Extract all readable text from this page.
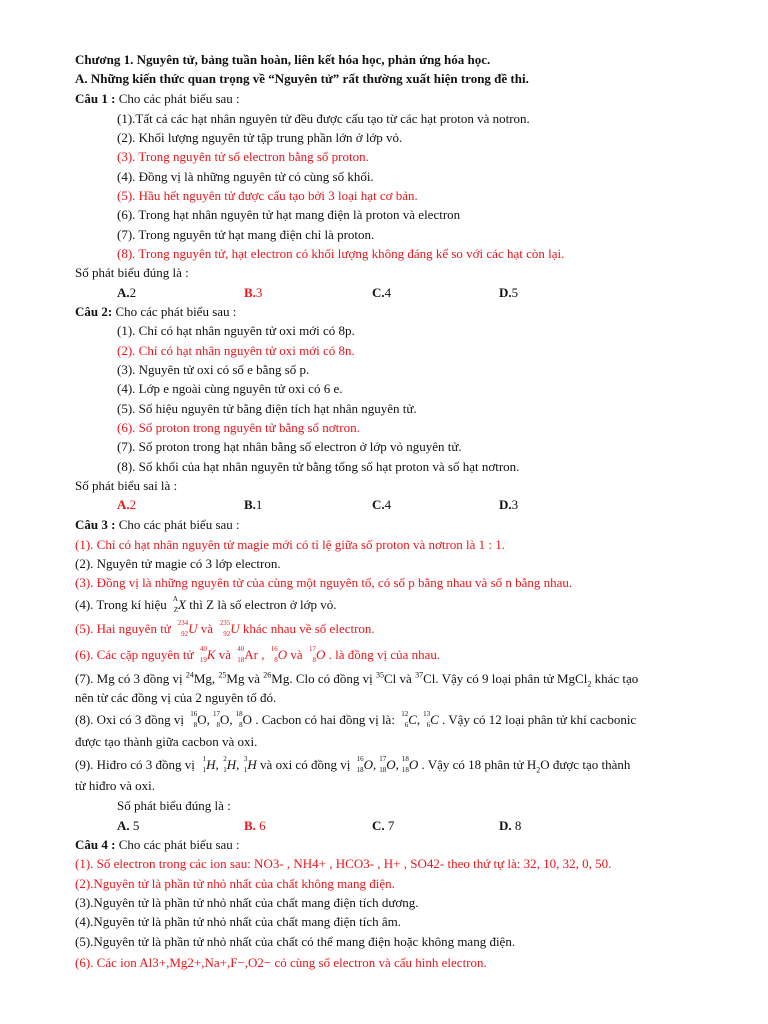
Chương 1. Nguyên tử, bảng tuần hoàn, liên kết hóa học, phản ứng hóa học.
A. Những kiến thức quan trọng về “Nguyên tử” rất thường xuất hiện trong đề thi.
Câu 1 : Cho các phát biểu sau :
(1).Tất cả các hạt nhân nguyên tử đều được cấu tạo từ các hạt proton và notron.
(2). Khối lượng nguyên tử tập trung phần lớn ở lớp vỏ.
(3). Trong nguyên tử số electron bằng số proton.
(4). Đồng vị là những nguyên tử có cùng số khối.
(5). Hầu hết nguyên tử được cấu tạo bởi 3 loại hạt cơ bản.
(6). Trong hạt nhân nguyên tử hạt mang điện là proton và electron
(7). Trong nguyên tử hạt mang điện chỉ là proton.
(8). Trong nguyên tử, hạt electron có khối lượng không đáng kể so với các hạt còn lại.
Số phát biểu đúng là :
A.2	B.3	C.4	D.5
Câu 2: Cho các phát biểu sau :
(1). Chỉ có hạt nhân nguyên tử oxi mới có 8p.
(2). Chỉ có hạt nhân nguyên tử oxi mới có 8n.
(3). Nguyên tử oxi có số e bằng số p.
(4). Lớp e ngoài cùng nguyên tử oxi có 6 e.
(5). Số hiệu nguyên tử bằng điện tích hạt nhân nguyên tử.
(6). Số proton trong nguyên tử bằng số nơtron.
(7). Số proton trong hạt nhân bằng số electron ở lớp vỏ nguyên tử.
(8). Số khối của hạt nhân nguyên tử bằng tổng số hạt proton và số hạt nơtron.
Số phát biểu sai là :
A.2	B.1	C.4	D.3
Câu 3 : Cho các phát biểu sau :
(1). Chỉ có hạt nhân nguyên tử magie mới có tỉ lệ giữa số proton và nơtron là 1 : 1.
(2). Nguyên tử magie có 3 lớp electron.
(3). Đồng vị là những nguyên tử của cùng một nguyên tố, có số p bằng nhau và số n bằng nhau.
(4). Trong kí hiệu A
Z X thì Z là số electron ở lớp vỏ.
(5). Hai nguyên tử 234
92 U và 235
92 U khác nhau về số electron.
(6). Các cặp nguyên tử 40
19 K và 40
18 Ar , 16
8 O và 17
8 O . là đồng vị của nhau.
(7). Mg có 3 đồng vị $^{24}$Mg, $^{25}$Mg và $^{26}$Mg. Clo có đồng vị $^{35}$Cl và $^{37}$Cl. Vậy có 9 loại phân tử MgCl$_2$ khác tạo
nên từ các đồng vị của 2 nguyên tố đó.
(8). Oxi có 3 đồng vị 16
8 O, 17
8 O, 18
8 O . Cacbon có hai đồng vị là: 12
6 C, 13
6 C . Vậy có 12 loại phân tử khí cacbonic
được tạo thành giữa cacbon và oxi.
(9). Hiđro có 3 đồng vị 1
1 H, 2
1 H, 3
1 H và oxi có đồng vị 16
18 O, 17
18 O, 18
18 O . Vậy có 18 phân tử $H_2O$ được tạo thành
từ hiđro và oxi.
Số phát biểu đúng là :
A. 5	B. 6	C. 7	D. 8
Câu 4 : Cho các phát biểu sau :
(1). Số electron trong các ion sau: NO3- , NH4+ , HCO3- , H+ , SO42- theo thứ tự là: 32, 10, 32, 0, 50.
(2).Nguyên tử là phần tử nhỏ nhất của chất không mang điện.
(3).Nguyên tử là phần tử nhỏ nhất của chất mang điện tích dương.
(4).Nguyên tử là phần tử nhỏ nhất của chất mang điện tích âm.
(5).Nguyên tử là phần tử nhỏ nhất của chất có thể mang điện hoặc không mang điện.
(6). Các ion Al3+,Mg2+,Na+,F−,O2− có cùng số electron và cấu hình electron.
